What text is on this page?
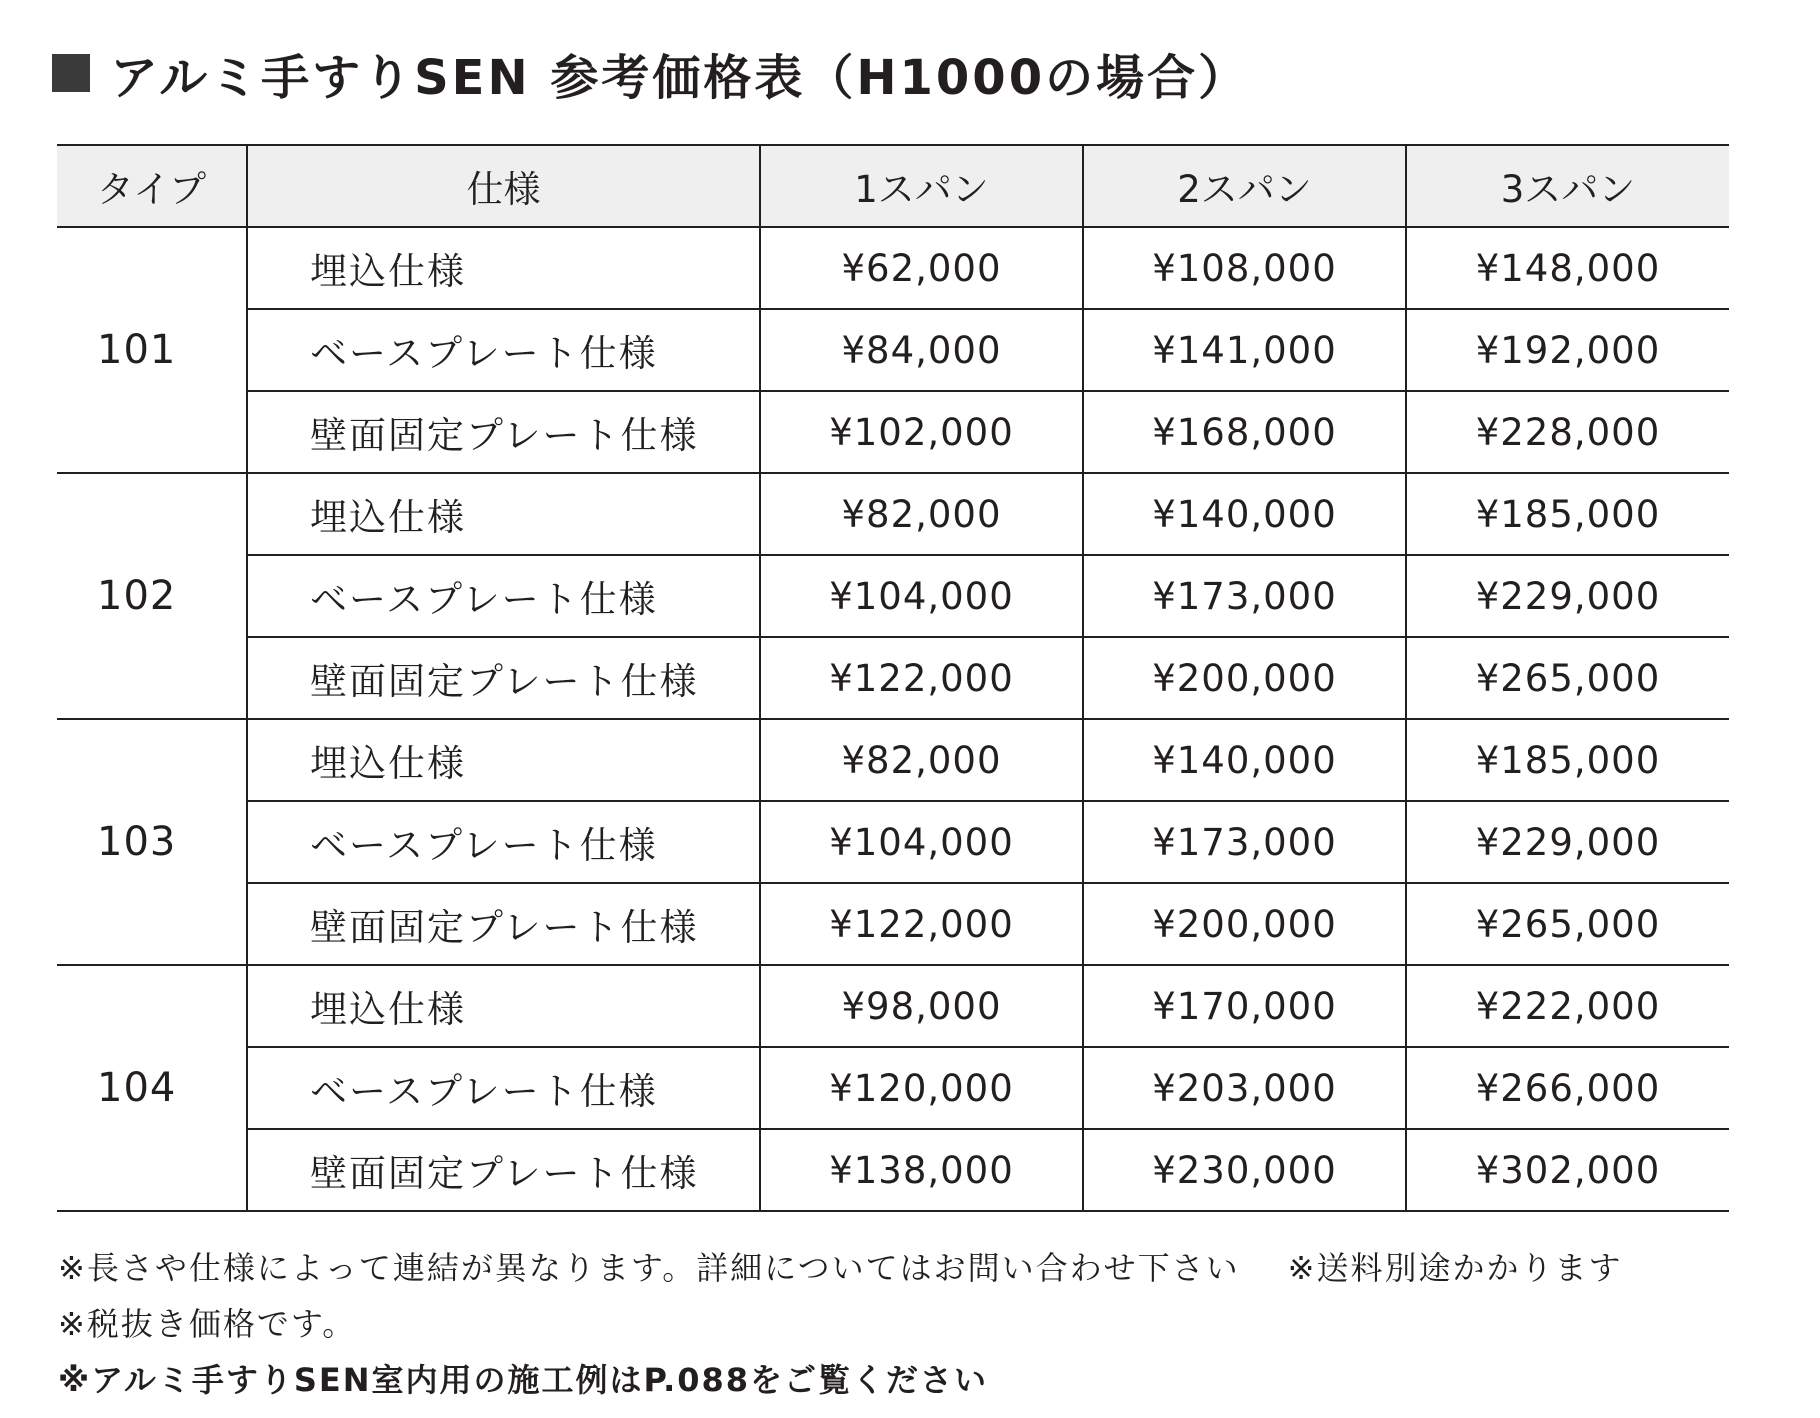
アルミ手すりSEN 参考価格表（H1000の場合）
タイプ	仕様	1スパン	2スパン	3スパン
101	埋込仕様	¥62,000	¥108,000	¥148,000
	ベースプレート仕様	¥84,000	¥141,000	¥192,000
	壁面固定プレート仕様	¥102,000	¥168,000	¥228,000
102	埋込仕様	¥82,000	¥140,000	¥185,000
	ベースプレート仕様	¥104,000	¥173,000	¥229,000
	壁面固定プレート仕様	¥122,000	¥200,000	¥265,000
103	埋込仕様	¥82,000	¥140,000	¥185,000
	ベースプレート仕様	¥104,000	¥173,000	¥229,000
	壁面固定プレート仕様	¥122,000	¥200,000	¥265,000
104	埋込仕様	¥98,000	¥170,000	¥222,000
	ベースプレート仕様	¥120,000	¥203,000	¥266,000
	壁面固定プレート仕様	¥138,000	¥230,000	¥302,000
※長さや仕様によって連結が異なります。詳細についてはお問い合わせ下さい ※送料別途かかります
※税抜き価格です。
※アルミ手すりSEN室内用の施工例はP.088をご覧ください
